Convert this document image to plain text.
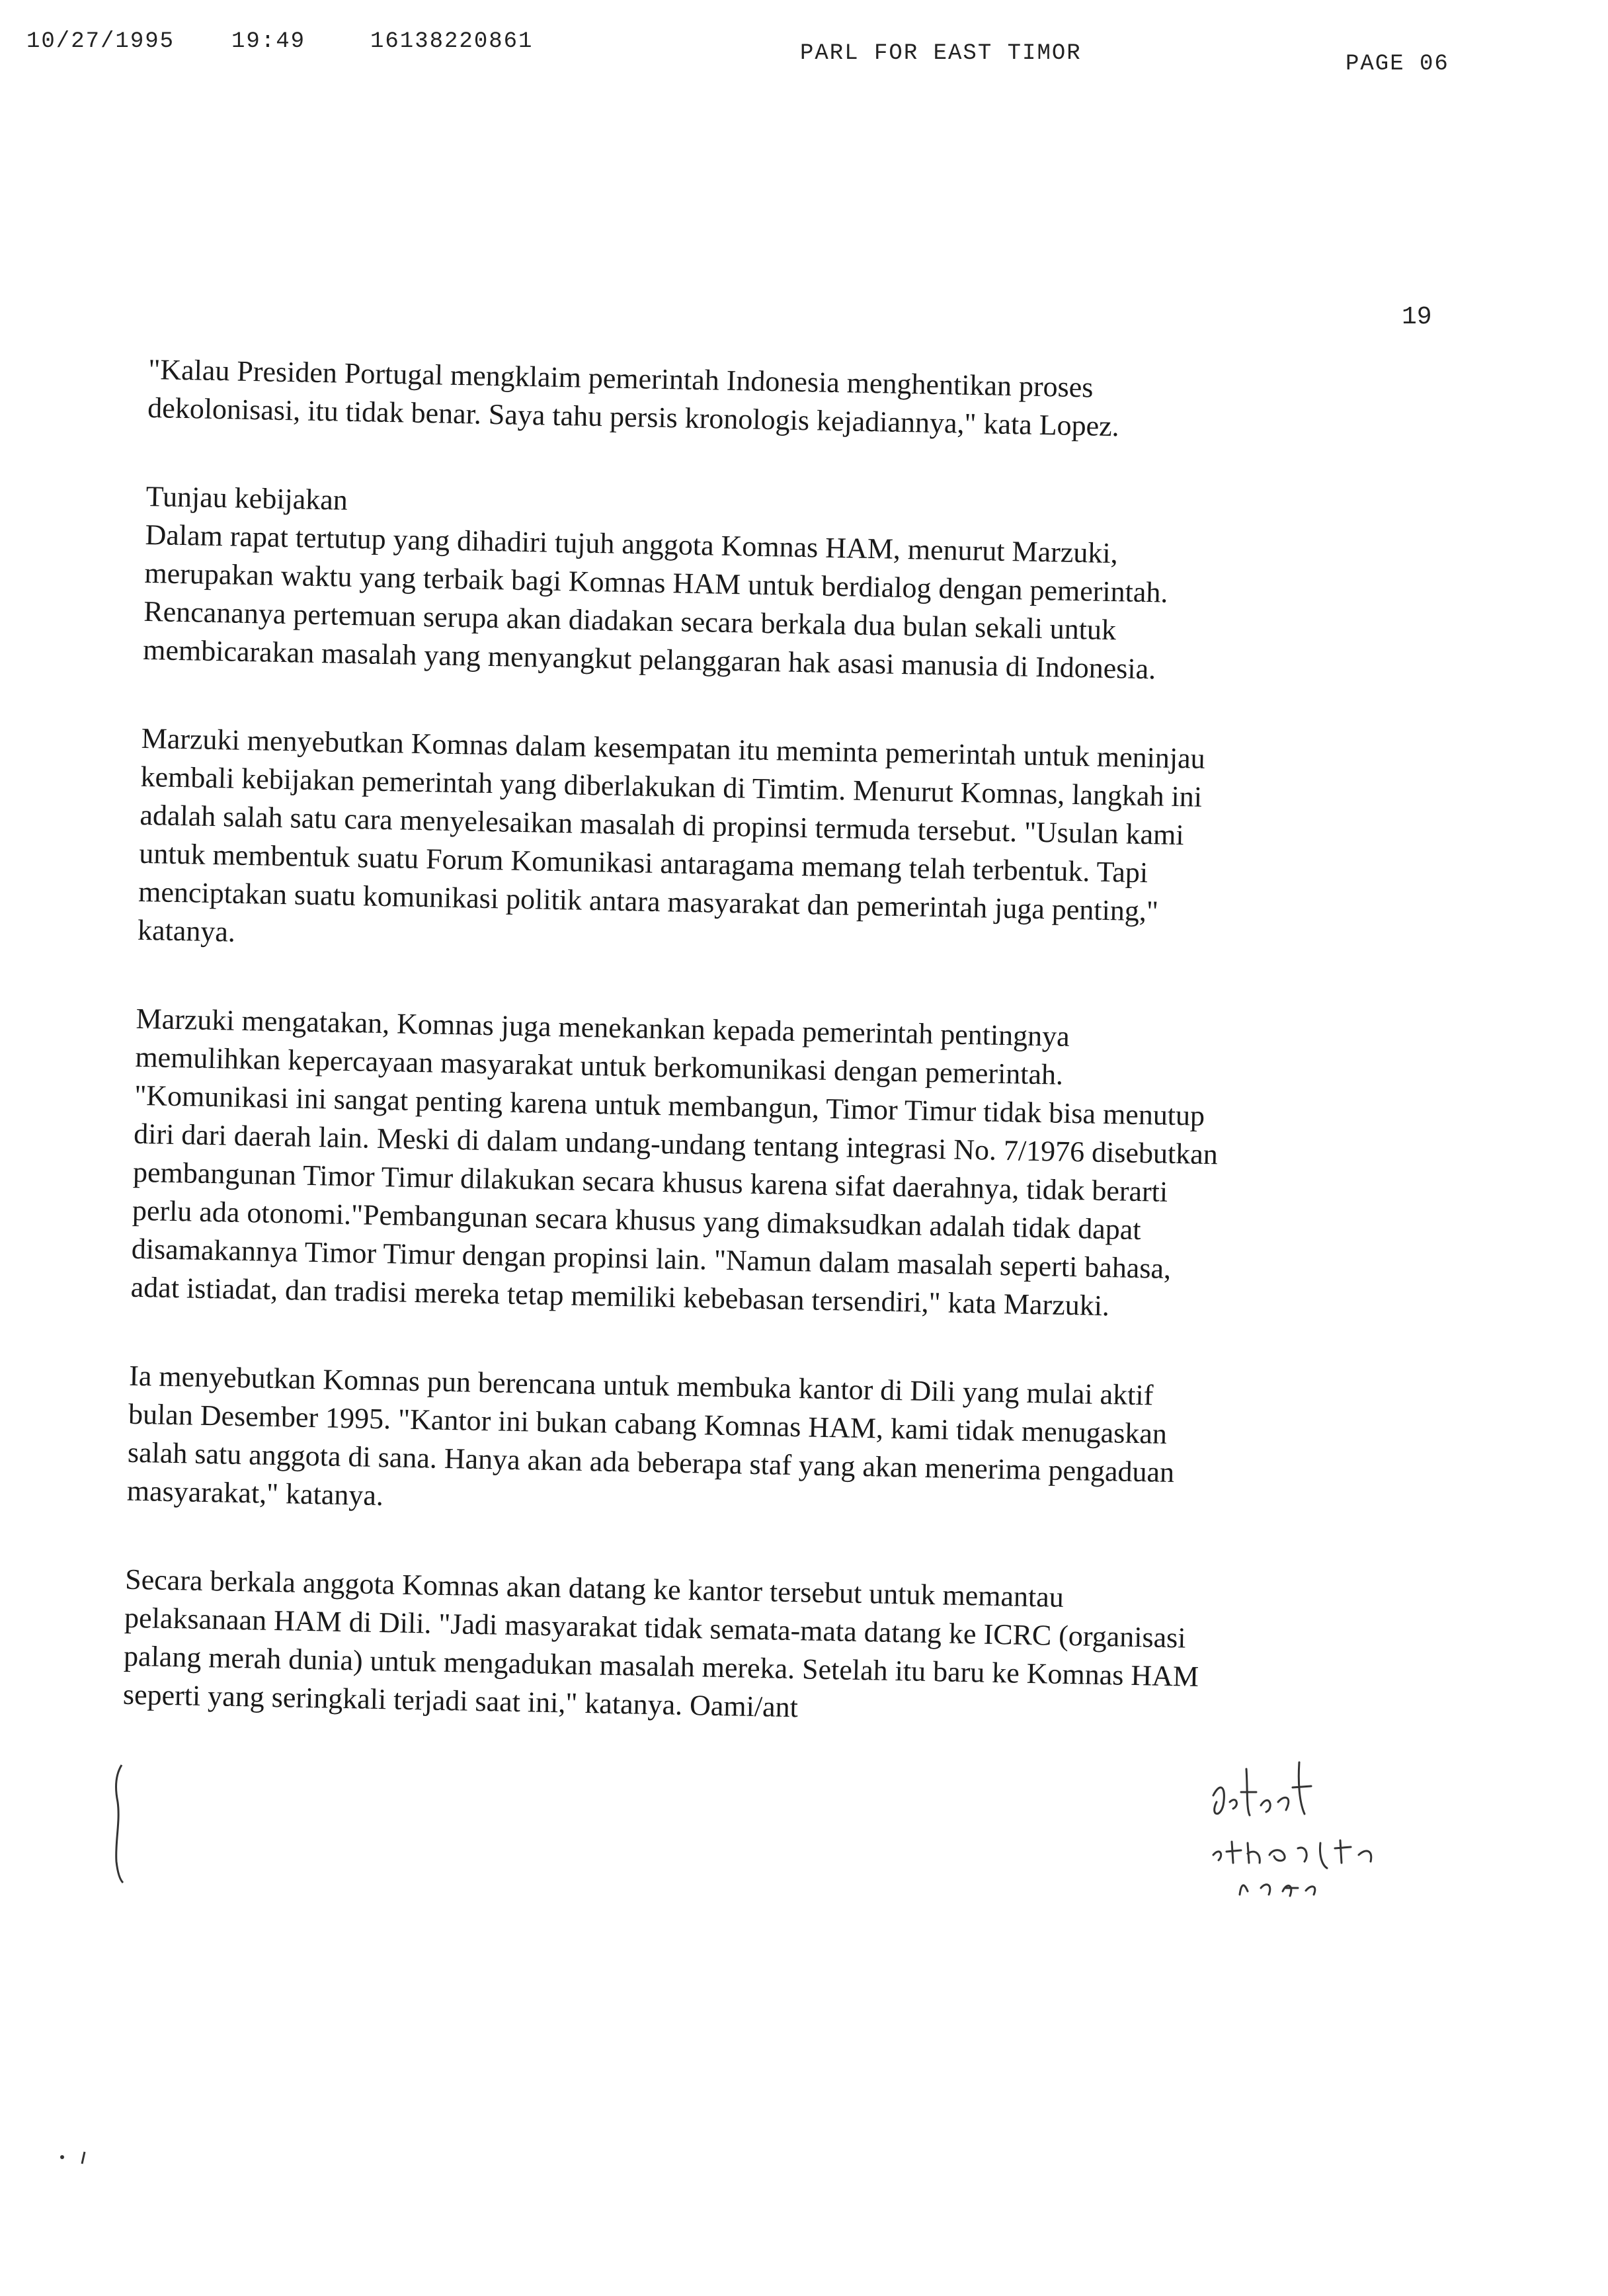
10/27/1995	19:49	16138220861	PARL FOR EAST TIMOR	PAGE 06
19

"Kalau Presiden Portugal mengklaim pemerintah Indonesia menghentikan proses dekolonisasi, itu tidak benar. Saya tahu persis kronologis kejadiannya," kata Lopez.

Tunjau kebijakan

Dalam rapat tertutup yang dihadiri tujuh anggota Komnas HAM, menurut Marzuki, merupakan waktu yang terbaik bagi Komnas HAM untuk berdialog dengan pemerintah. Rencananya pertemuan serupa akan diadakan secara berkala dua bulan sekali untuk membicarakan masalah yang menyangkut pelanggaran hak asasi manusia di Indonesia.

Marzuki menyebutkan Komnas dalam kesempatan itu meminta pemerintah untuk meninjau kembali kebijakan pemerintah yang diberlakukan di Timtim. Menurut Komnas, langkah ini adalah salah satu cara menyelesaikan masalah di propinsi termuda tersebut. "Usulan kami untuk membentuk suatu Forum Komunikasi antaragama memang telah terbentuk. Tapi menciptakan suatu komunikasi politik antara masyarakat dan pemerintah juga penting," katanya.

Marzuki mengatakan, Komnas juga menekankan kepada pemerintah pentingnya memulihkan kepercayaan masyarakat untuk berkomunikasi dengan pemerintah. "Komunikasi ini sangat penting karena untuk membangun, Timor Timur tidak bisa menutup diri dari daerah lain. Meski di dalam undang-undang tentang integrasi No. 7/1976 disebutkan pembangunan Timor Timur dilakukan secara khusus karena sifat daerahnya, tidak berarti perlu ada otonomi."Pembangunan secara khusus yang dimaksudkan adalah tidak dapat disamakannya Timor Timur dengan propinsi lain. "Namun dalam masalah seperti bahasa, adat istiadat, dan tradisi mereka tetap memiliki kebebasan tersendiri," kata Marzuki.

Ia menyebutkan Komnas pun berencana untuk membuka kantor di Dili yang mulai aktif bulan Desember 1995. "Kantor ini bukan cabang Komnas HAM, kami tidak menugaskan salah satu anggota di sana. Hanya akan ada beberapa staf yang akan menerima pengaduan masyarakat," katanya.

Secara berkala anggota Komnas akan datang ke kantor tersebut untuk memantau pelaksanaan HAM di Dili. "Jadi masyarakat tidak semata-mata datang ke ICRC (organisasi palang merah dunia) untuk mengadukan masalah mereka. Setelah itu baru ke Komnas HAM seperti yang seringkali terjadi saat ini," katanya. Oami/ant
